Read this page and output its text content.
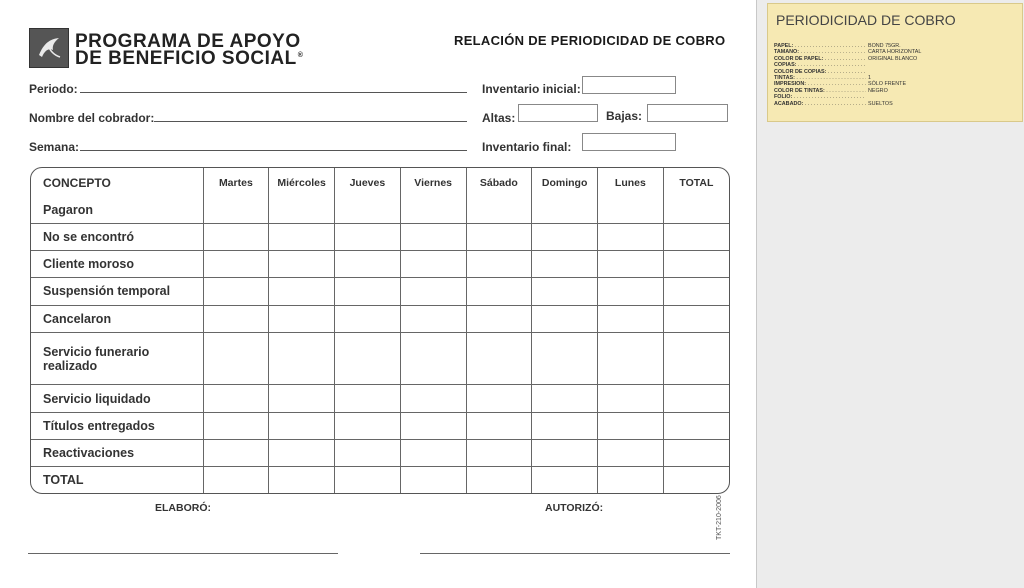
PROGRAMA DE APOYO
DE BENEFICIO SOCIAL®
RELACIÓN DE PERIODICIDAD DE COBRO
Periodo:
Nombre del cobrador:
Semana:
Inventario inicial:
Altas:	Bajas:
Inventario final:
CONCEPTO	Martes	Miércoles	Jueves	Viernes	Sábado	Domingo	Lunes	TOTAL
Pagaron								
No se encontró								
Cliente moroso								
Suspensión temporal								
Cancelaron								
Servicio funerario realizado								
Servicio liquidado								
Títulos entregados								
Reactivaciones								
TOTAL								
ELABORÓ:	AUTORIZÓ:	TKT-210-2006
PERIODICIDAD DE COBRO
PAPEL: . . .	BOND 75GR.
TAMAÑO: . . .	CARTA HORIZONTAL
COLOR DE PAPEL: . . .	ORIGINAL BLANCO
COPIAS: . . .
COLOR DE COPIAS: . . .
TINTAS: . . .	1
IMPRESIÓN: . . .	SÓLO FRENTE
COLOR DE TINTAS: . . .	NEGRO
FOLIO: . . .
ACABADO: . . .	SUELTOS
